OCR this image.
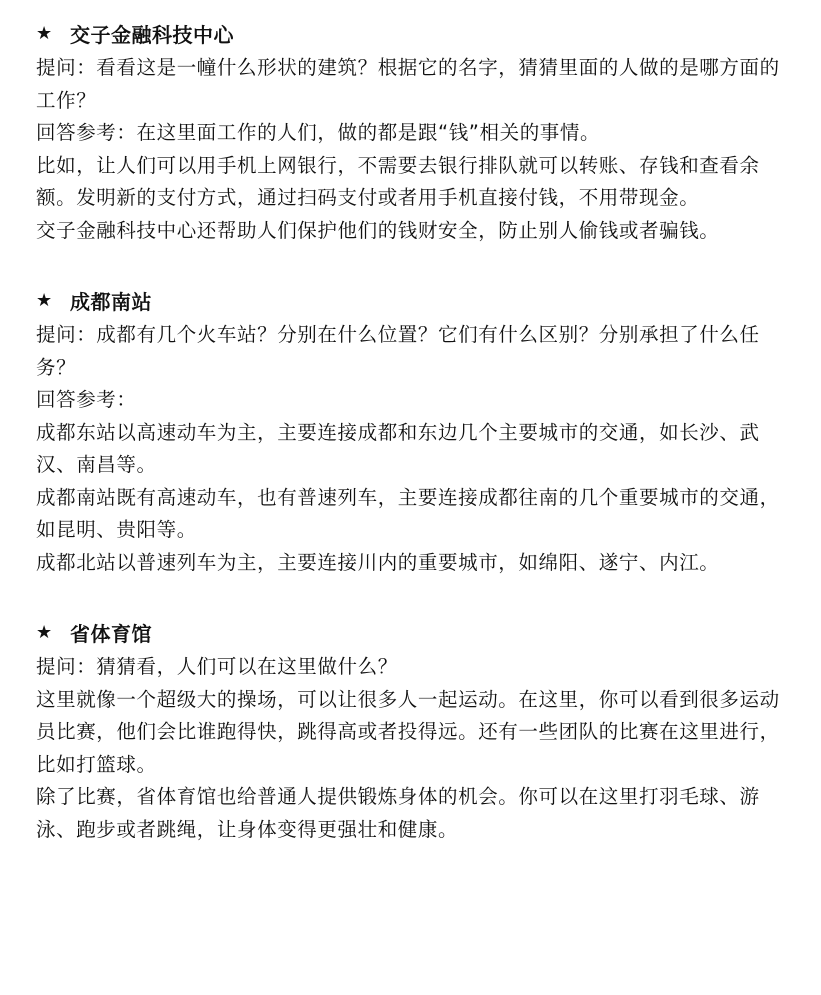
★ 交子金融科技中心

提问：看看这是一幢什么形状的建筑？根据它的名字，猜猜里面的人做的是哪方面的工作？

回答参考：在这里面工作的人们，做的都是跟“钱”相关的事情。

比如，让人们可以用手机上网银行，不需要去银行排队就可以转账、存钱和查看余额。发明新的支付方式，通过扫码支付或者用手机直接付钱，不用带现金。

交子金融科技中心还帮助人们保护他们的钱财安全，防止别人偷钱或者骗钱。

★ 成都南站

提问：成都有几个火车站？分别在什么位置？它们有什么区别？分别承担了什么任务？

回答参考：

成都东站以高速动车为主，主要连接成都和东边几个主要城市的交通，如长沙、武汉、南昌等。

成都南站既有高速动车，也有普速列车，主要连接成都往南的几个重要城市的交通，如昆明、贵阳等。

成都北站以普速列车为主，主要连接川内的重要城市，如绵阳、遂宁、内江。

★ 省体育馆

提问：猜猜看，人们可以在这里做什么？

这里就像一个超级大的操场，可以让很多人一起运动。在这里，你可以看到很多运动员比赛，他们会比谁跑得快，跳得高或者投得远。还有一些团队的比赛在这里进行，比如打篮球。

除了比赛，省体育馆也给普通人提供锻炼身体的机会。你可以在这里打羽毛球、游泳、跑步或者跳绳，让身体变得更强壮和健康。
